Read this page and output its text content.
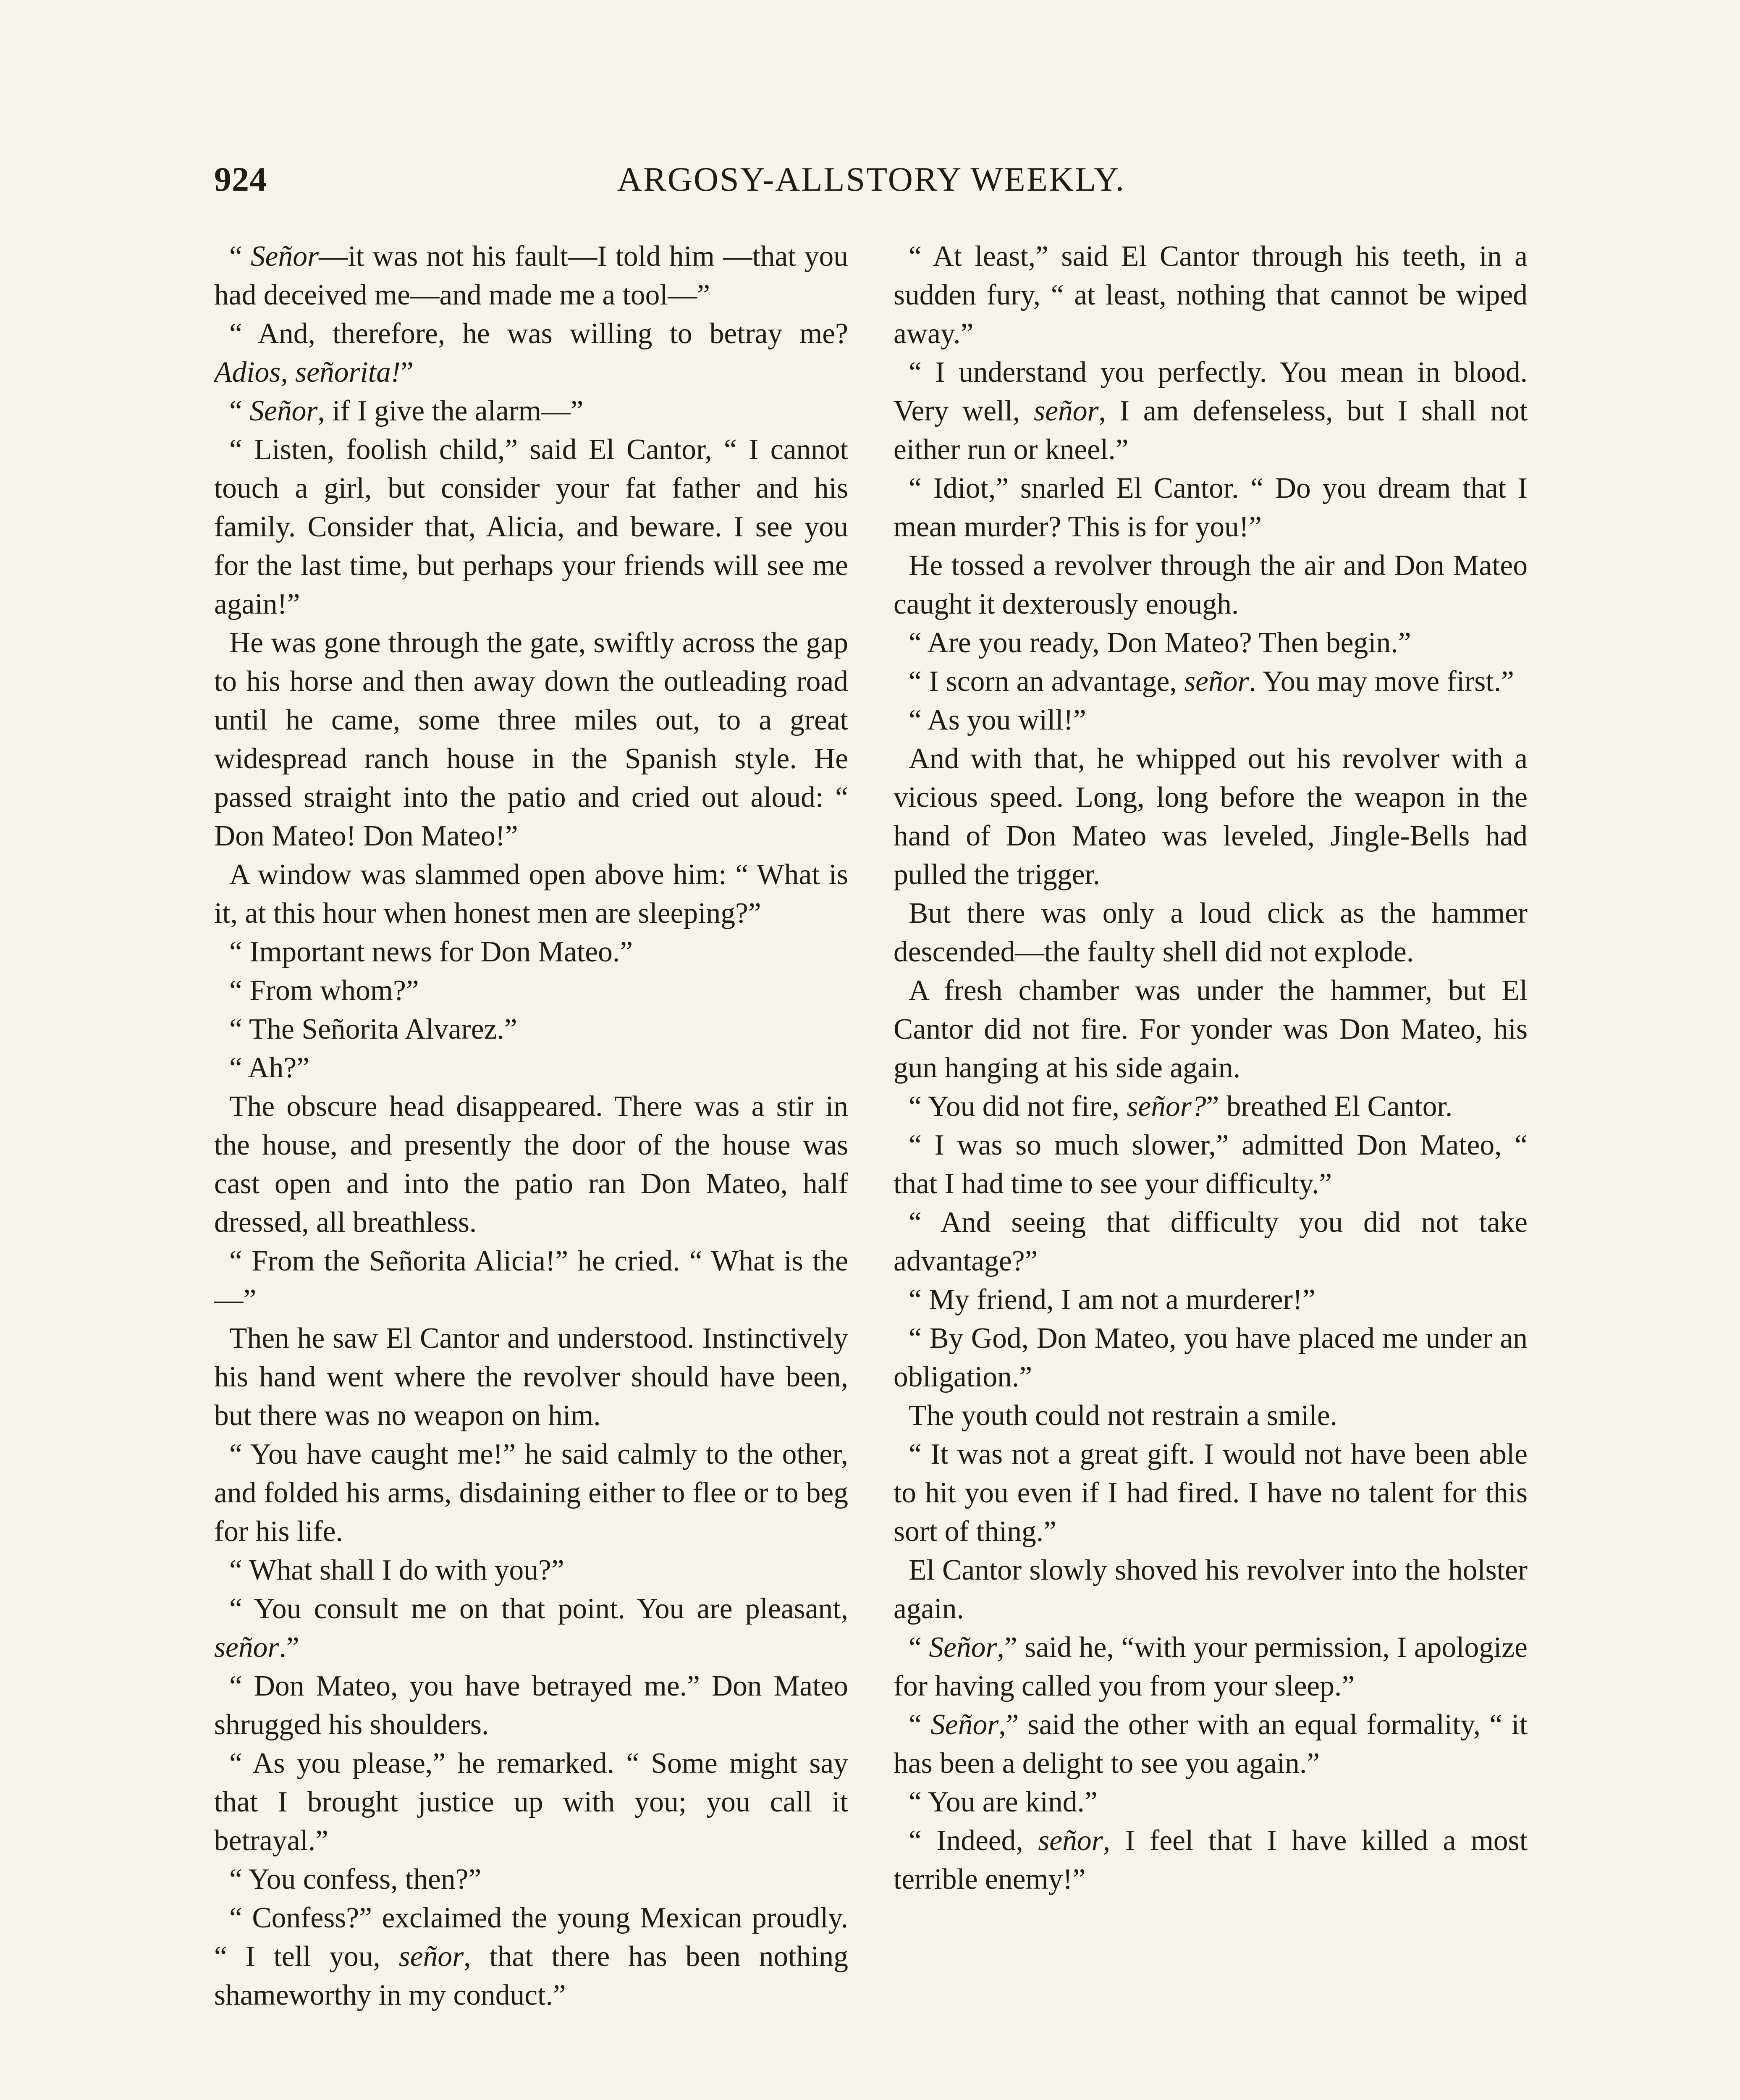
924	ARGOSY-ALLSTORY WEEKLY.

“ Señor—it was not his fault—I told him —that you had deceived me—and made me a tool—”

“ And, therefore, he was willing to betray me? Adios, señorita!”

“ Señor, if I give the alarm—”

“ Listen, foolish child,” said El Cantor, “ I cannot touch a girl, but consider your fat father and his family. Consider that, Alicia, and beware. I see you for the last time, but perhaps your friends will see me again!”

He was gone through the gate, swiftly across the gap to his horse and then away down the outleading road until he came, some three miles out, to a great widespread ranch house in the Spanish style. He passed straight into the patio and cried out aloud: “ Don Mateo! Don Mateo!”

A window was slammed open above him: “ What is it, at this hour when honest men are sleeping?”

“ Important news for Don Mateo.”

“ From whom?”

“ The Señorita Alvarez.”

“ Ah?”

The obscure head disappeared. There was a stir in the house, and presently the door of the house was cast open and into the patio ran Don Mateo, half dressed, all breathless.

“ From the Señorita Alicia!” he cried. “ What is the—”

Then he saw El Cantor and understood. Instinctively his hand went where the revolver should have been, but there was no weapon on him.

“ You have caught me!” he said calmly to the other, and folded his arms, disdaining either to flee or to beg for his life.

“ What shall I do with you?”

“ You consult me on that point. You are pleasant, señor.”

“ Don Mateo, you have betrayed me.” Don Mateo shrugged his shoulders.

“ As you please,” he remarked. “ Some might say that I brought justice up with you; you call it betrayal.”

“ You confess, then?”

“ Confess?” exclaimed the young Mexican proudly. “ I tell you, señor, that there has been nothing shameworthy in my conduct.”

“ At least,” said El Cantor through his teeth, in a sudden fury, “ at least, nothing that cannot be wiped away.”

“ I understand you perfectly. You mean in blood. Very well, señor, I am defenseless, but I shall not either run or kneel.”

“ Idiot,” snarled El Cantor. “ Do you dream that I mean murder? This is for you!”

He tossed a revolver through the air and Don Mateo caught it dexterously enough.

“ Are you ready, Don Mateo? Then begin.”

“ I scorn an advantage, señor. You may move first.”

“ As you will!”

And with that, he whipped out his revolver with a vicious speed. Long, long before the weapon in the hand of Don Mateo was leveled, Jingle-Bells had pulled the trigger.

But there was only a loud click as the hammer descended—the faulty shell did not explode.

A fresh chamber was under the hammer, but El Cantor did not fire. For yonder was Don Mateo, his gun hanging at his side again.

“ You did not fire, señor?” breathed El Cantor.

“ I was so much slower,” admitted Don Mateo, “ that I had time to see your difficulty.”

“ And seeing that difficulty you did not take advantage?”

“ My friend, I am not a murderer!”

“ By God, Don Mateo, you have placed me under an obligation.”

The youth could not restrain a smile.

“ It was not a great gift. I would not have been able to hit you even if I had fired. I have no talent for this sort of thing.”

El Cantor slowly shoved his revolver into the holster again.

“ Señor,” said he, “with your permission, I apologize for having called you from your sleep.”

“ Señor,” said the other with an equal formality, “ it has been a delight to see you again.”

“ You are kind.”

“ Indeed, señor, I feel that I have killed a most terrible enemy!”
